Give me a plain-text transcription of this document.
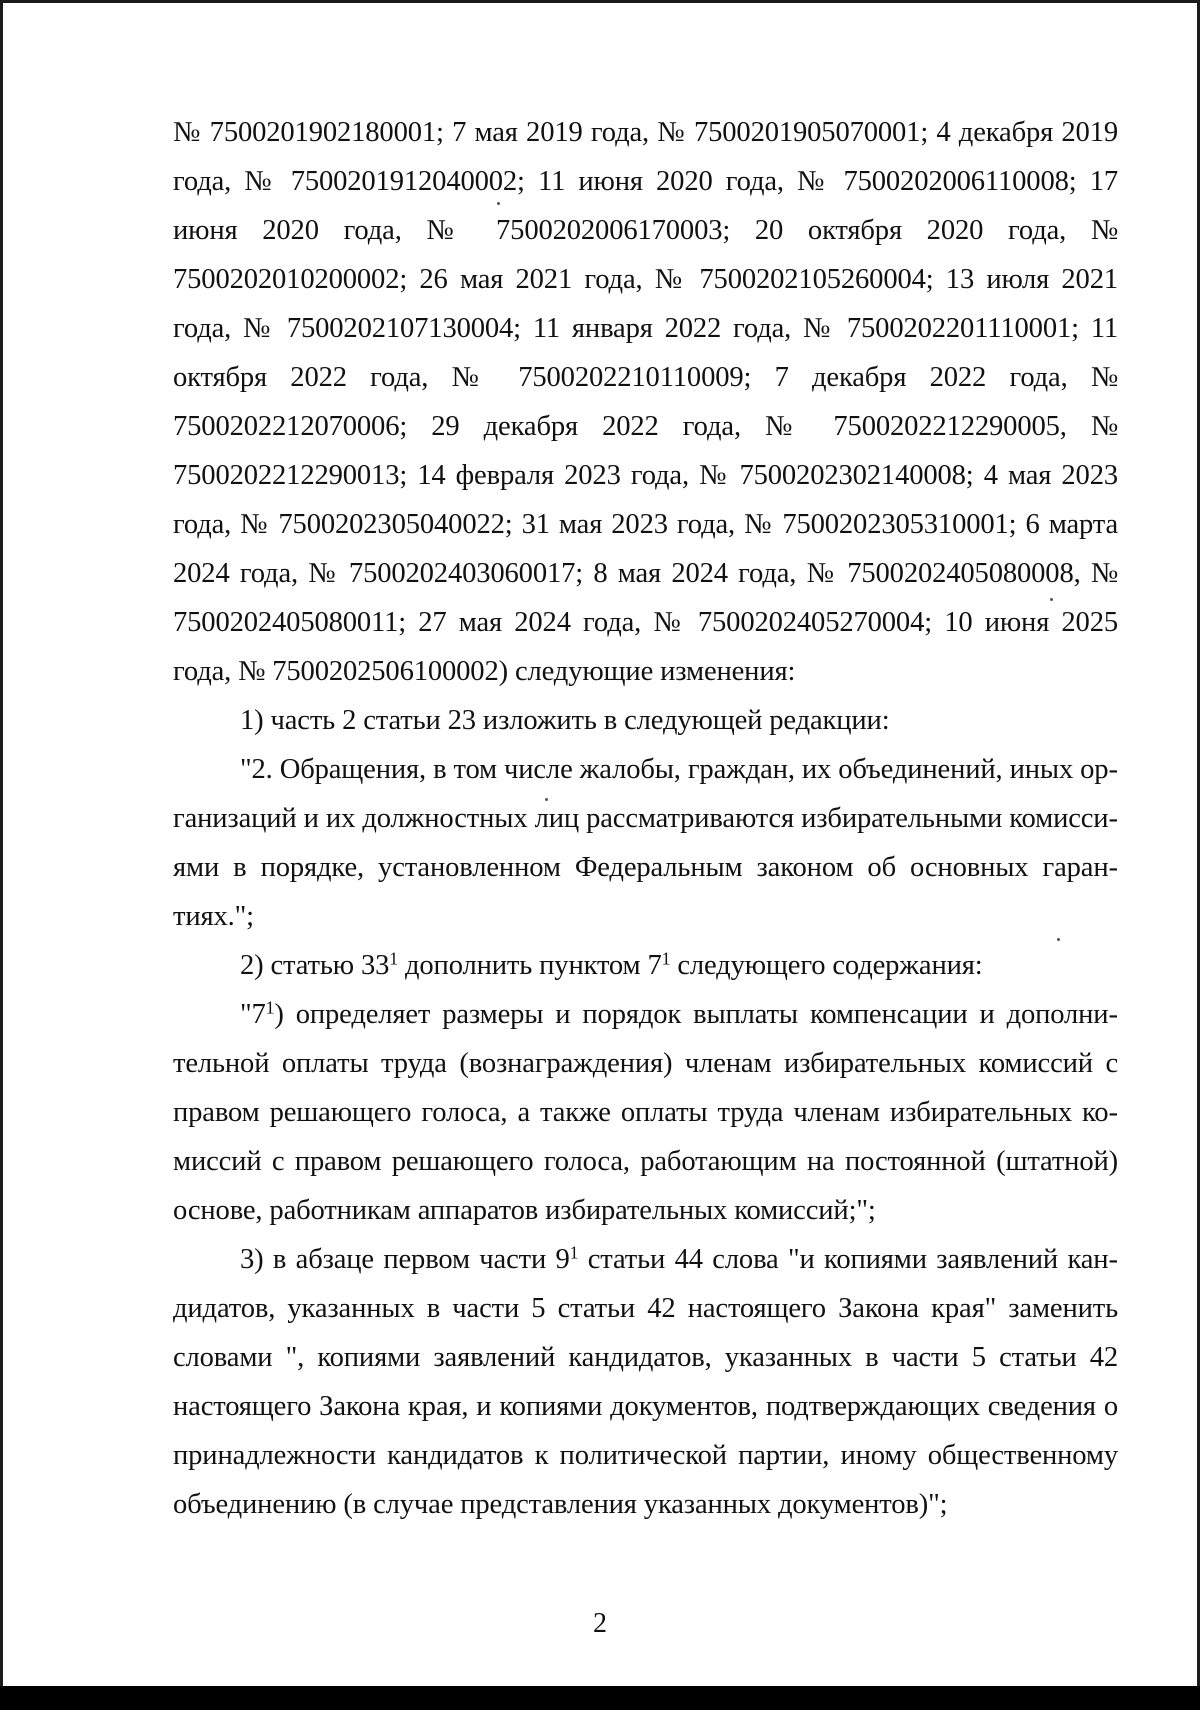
№ 7500201902180001; 7 мая 2019 года, № 7500201905070001; 4 декабря 2019 года, № 7500201912040002; 11 июня 2020 года, № 7500202006110008; 17 июня 2020 года, № 7500202006170003; 20 октября 2020 года, № 7500202010200002; 26 мая 2021 года, № 7500202105260004; 13 июля 2021 года, № 7500202107130004; 11 января 2022 года, № 7500202201110001; 11 октября 2022 года, № 7500202210110009; 7 декабря 2022 года, № 7500202212070006; 29 декабря 2022 года, № 7500202212290005, № 7500202212290013; 14 февраля 2023 года, № 7500202302140008; 4 мая 2023 года, № 7500202305040022; 31 мая 2023 года, № 7500202305310001; 6 марта 2024 года, № 7500202403060017; 8 мая 2024 года, № 7500202405080008, № 7500202405080011; 27 мая 2024 года, № 7500202405270004; 10 июня 2025 года, № 7500202506100002) следующие изменения:

1) часть 2 статьи 23 изложить в следующей редакции:

"2. Обращения, в том числе жалобы, граждан, их объединений, иных организаций и их должностных лиц рассматриваются избирательными комиссиями в порядке, установленном Федеральным законом об основных гарантиях.";

2) статью $33^1$ дополнить пунктом $7^1$ следующего содержания:

"$7^1$) определяет размеры и порядок выплаты компенсации и дополнительной оплаты труда (вознаграждения) членам избирательных комиссий с правом решающего голоса, а также оплаты труда членам избирательных комиссий с правом решающего голоса, работающим на постоянной (штатной) основе, работникам аппаратов избирательных комиссий;";

3) в абзаце первом части $9^1$ статьи 44 слова "и копиями заявлений кандидатов, указанных в части 5 статьи 42 настоящего Закона края" заменить словами ", копиями заявлений кандидатов, указанных в части 5 статьи 42 настоящего Закона края, и копиями документов, подтверждающих сведения о принадлежности кандидатов к политической партии, иному общественному объединению (в случае представления указанных документов)";

2
